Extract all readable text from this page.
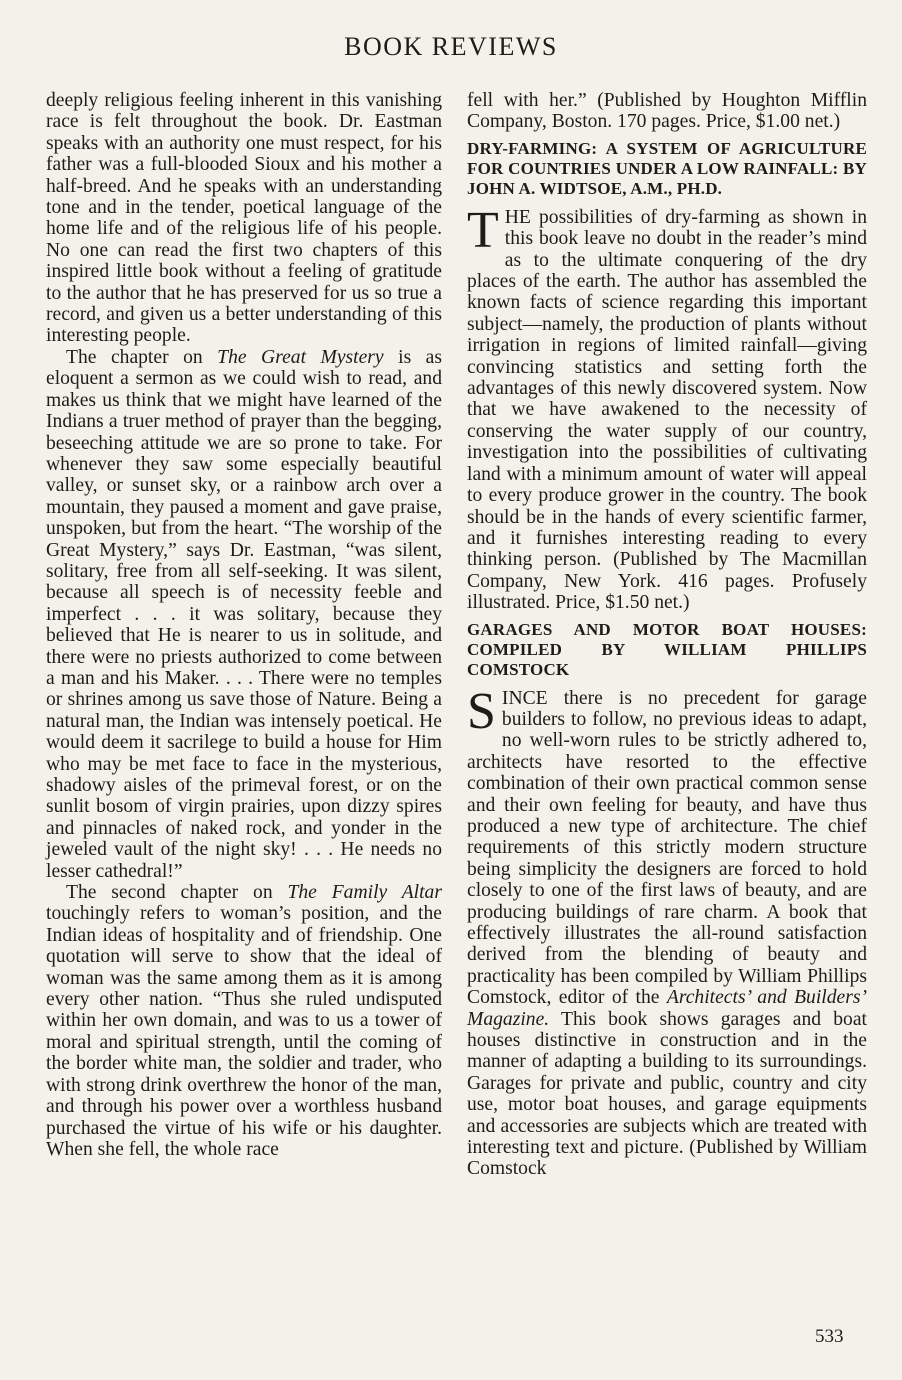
BOOK REVIEWS

deeply religious feeling inherent in this vanishing race is felt throughout the book. Dr. Eastman speaks with an authority one must respect, for his father was a full-blooded Sioux and his mother a half-breed. And he speaks with an understanding tone and in the tender, poetical language of the home life and of the religious life of his people. No one can read the first two chapters of this inspired little book without a feeling of gratitude to the author that he has preserved for us so true a record, and given us a better understanding of this interesting people.

The chapter on The Great Mystery is as eloquent a sermon as we could wish to read, and makes us think that we might have learned of the Indians a truer method of prayer than the begging, beseeching attitude we are so prone to take. For whenever they saw some especially beautiful valley, or sunset sky, or a rainbow arch over a mountain, they paused a moment and gave praise, unspoken, but from the heart. “The worship of the Great Mystery,” says Dr. Eastman, “was silent, solitary, free from all self-seeking. It was silent, because all speech is of necessity feeble and imperfect . . . it was solitary, because they believed that He is nearer to us in solitude, and there were no priests authorized to come between a man and his Maker. . . . There were no temples or shrines among us save those of Nature. Being a natural man, the Indian was intensely poetical. He would deem it sacrilege to build a house for Him who may be met face to face in the mysterious, shadowy aisles of the primeval forest, or on the sunlit bosom of virgin prairies, upon dizzy spires and pinnacles of naked rock, and yonder in the jeweled vault of the night sky! . . . He needs no lesser cathedral!”

The second chapter on The Family Altar touchingly refers to woman’s position, and the Indian ideas of hospitality and of friendship. One quotation will serve to show that the ideal of woman was the same among them as it is among every other nation. “Thus she ruled undisputed within her own domain, and was to us a tower of moral and spiritual strength, until the coming of the border white man, the soldier and trader, who with strong drink overthrew the honor of the man, and through his power over a worthless husband purchased the virtue of his wife or his daughter. When she fell, the whole race

fell with her.” (Published by Houghton Mifflin Company, Boston. 170 pages. Price, $1.00 net.)

DRY-FARMING: A SYSTEM OF AGRICULTURE FOR COUNTRIES UNDER A LOW RAINFALL: BY JOHN A. WIDTSOE, A.M., PH.D.

THE possibilities of dry-farming as shown in this book leave no doubt in the reader’s mind as to the ultimate conquering of the dry places of the earth. The author has assembled the known facts of science regarding this important subject—namely, the production of plants without irrigation in regions of limited rainfall—giving convincing statistics and setting forth the advantages of this newly discovered system. Now that we have awakened to the necessity of conserving the water supply of our country, investigation into the possibilities of cultivating land with a minimum amount of water will appeal to every produce grower in the country. The book should be in the hands of every scientific farmer, and it furnishes interesting reading to every thinking person. (Published by The Macmillan Company, New York. 416 pages. Profusely illustrated. Price, $1.50 net.)

GARAGES AND MOTOR BOAT HOUSES: COMPILED BY WILLIAM PHILLIPS COMSTOCK

SINCE there is no precedent for garage builders to follow, no previous ideas to adapt, no well-worn rules to be strictly adhered to, architects have resorted to the effective combination of their own practical common sense and their own feeling for beauty, and have thus produced a new type of architecture. The chief requirements of this strictly modern structure being simplicity the designers are forced to hold closely to one of the first laws of beauty, and are producing buildings of rare charm. A book that effectively illustrates the all-round satisfaction derived from the blending of beauty and practicality has been compiled by William Phillips Comstock, editor of the Architects’ and Builders’ Magazine. This book shows garages and boat houses distinctive in construction and in the manner of adapting a building to its surroundings. Garages for private and public, country and city use, motor boat houses, and garage equipments and accessories are subjects which are treated with interesting text and picture. (Published by William Comstock

533
